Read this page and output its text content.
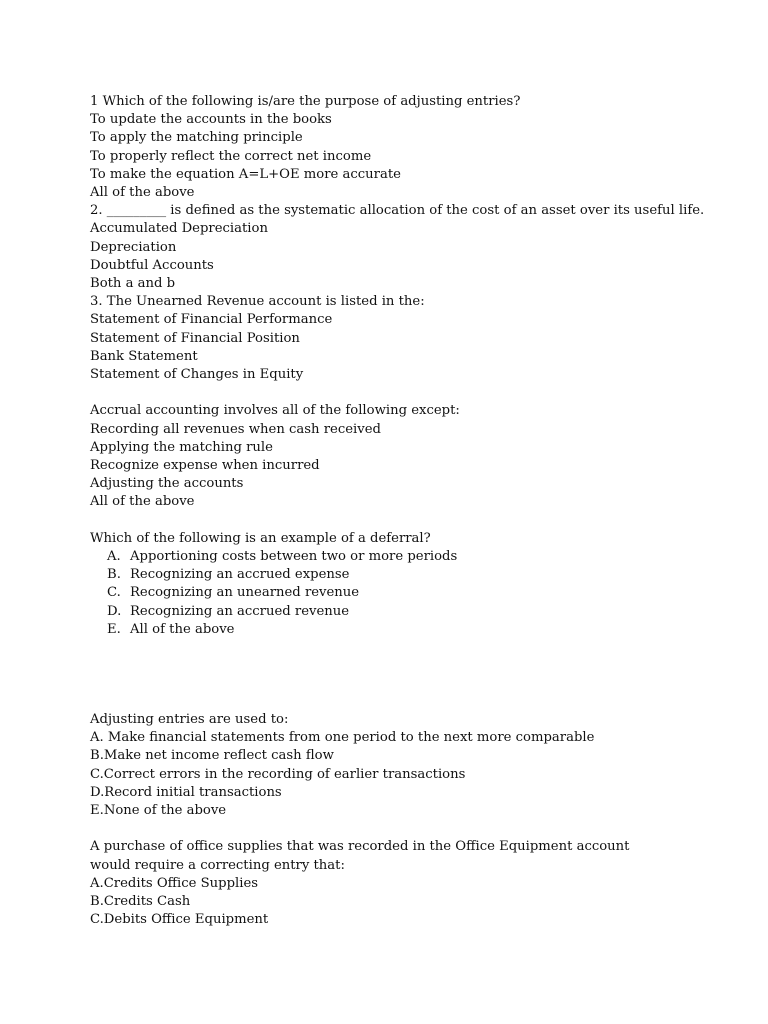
1 Which of the following is/are the purpose of adjusting entries?
To update the accounts in the books
To apply the matching principle
To properly reflect the correct net income
To make the equation A=L+OE more accurate
All of the above
2. _________ is defined as the systematic allocation of the cost of an asset over its useful life.
Accumulated Depreciation
Depreciation
Doubtful Accounts
Both a and b
3. The Unearned Revenue account is listed in the:
Statement of Financial Performance
Statement of Financial Position
Bank Statement
Statement of Changes in Equity
Accrual accounting involves all of the following except:
Recording all revenues when cash received
Applying the matching rule
Recognize expense when incurred
Adjusting the accounts
All of the above
Which of the following is an example of a deferral?
A. Apportioning costs between two or more periods
B. Recognizing an accrued expense
C. Recognizing an unearned revenue
D. Recognizing an accrued revenue
E. All of the above
Adjusting entries are used to:
A. Make financial statements from one period to the next more comparable
B.Make net income reflect cash flow
C.Correct errors in the recording of earlier transactions
D.Record initial transactions
E.None of the above
A purchase of office supplies that was recorded in the Office Equipment account would require a correcting entry that:
A.Credits Office Supplies
B.Credits Cash
C.Debits Office Equipment
